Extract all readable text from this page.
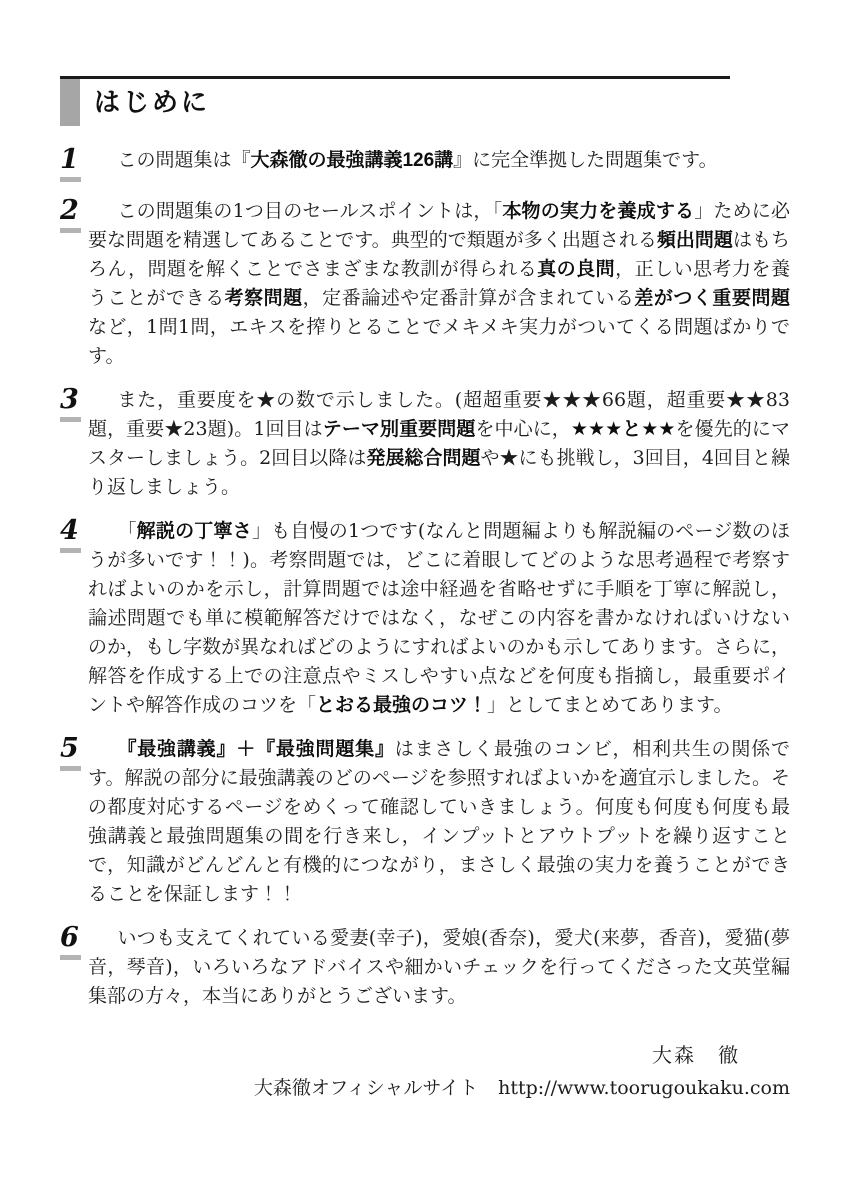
はじめに
1	この問題集は『大森徹の最強講義126講』に完全準拠した問題集です。

2	この問題集の1つ目のセールスポイントは，「本物の実力を養成する」ために必要な問題を精選してあることです。典型的で類題が多く出題される頻出問題はもちろん，問題を解くことでさまざまな教訓が得られる真の良問，正しい思考力を養うことができる考察問題，定番論述や定番計算が含まれている差がつく重要問題など，1問1問，エキスを搾りとることでメキメキ実力がついてくる問題ばかりです。

3	また，重要度を★の数で示しました。(超超重要★★★66題，超重要★★83題，重要★23題)。1回目はテーマ別重要問題を中心に，★★★と★★を優先的にマスターしましょう。2回目以降は発展総合問題や★にも挑戦し，3回目，4回目と繰り返しましょう。

4	「解説の丁寧さ」も自慢の1つです(なんと問題編よりも解説編のページ数のほうが多いです！！)。考察問題では，どこに着眼してどのような思考過程で考察すればよいのかを示し，計算問題では途中経過を省略せずに手順を丁寧に解説し，論述問題でも単に模範解答だけではなく，なぜこの内容を書かなければいけないのか，もし字数が異なればどのようにすればよいのかも示してあります。さらに，解答を作成する上での注意点やミスしやすい点などを何度も指摘し，最重要ポイントや解答作成のコツを「とおる最強のコツ！」としてまとめてあります。

5	『最強講義』＋『最強問題集』はまさしく最強のコンビ，相利共生の関係です。解説の部分に最強講義のどのページを参照すればよいかを適宜示しました。その都度対応するページをめくって確認していきましょう。何度も何度も何度も最強講義と最強問題集の間を行き来し，インプットとアウトプットを繰り返すことで，知識がどんどんと有機的につながり，まさしく最強の実力を養うことができることを保証します！！

6	いつも支えてくれている愛妻(幸子)，愛娘(香奈)，愛犬(来夢，香音)，愛猫(夢音，琴音)，いろいろなアドバイスや細かいチェックを行ってくださった文英堂編集部の方々，本当にありがとうございます。

大森　徹
大森徹オフィシャルサイト http://www.toorugoukaku.com
